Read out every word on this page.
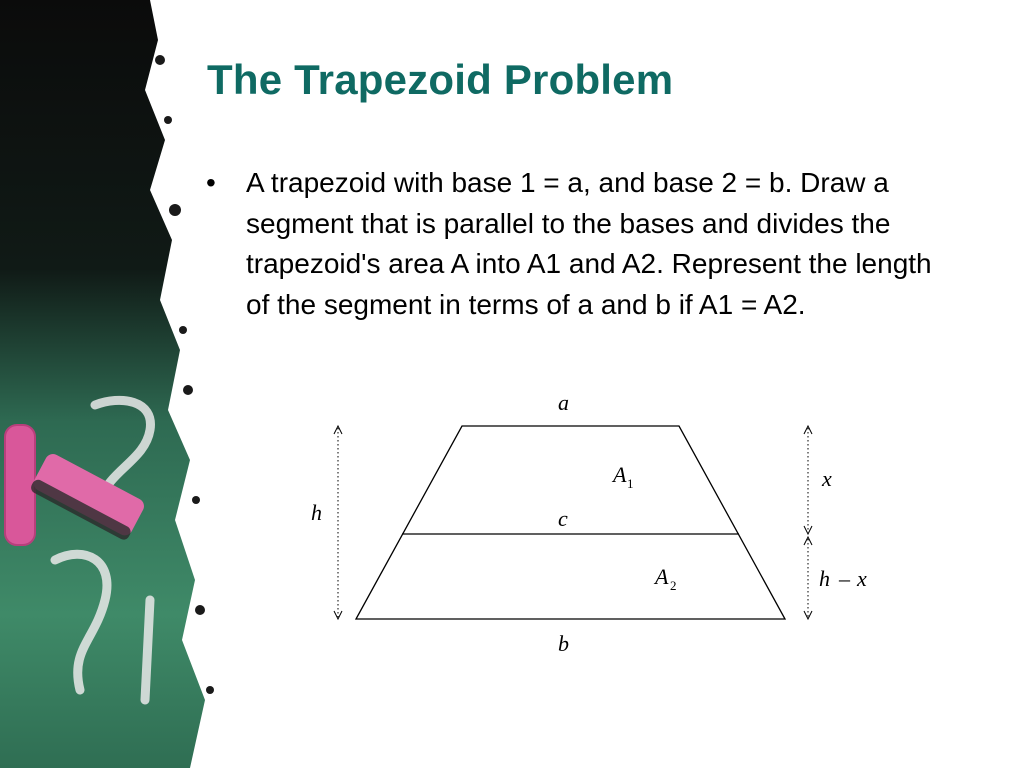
The Trapezoid Problem
•	A trapezoid with base 1 = a, and base 2 = b. Draw a segment that is parallel to the bases and divides the trapezoid's area A into A1 and A2. Represent the length of the segment in terms of a and b if A1 = A2.
a
b
c
h
x
h – x
A 1
A 2
